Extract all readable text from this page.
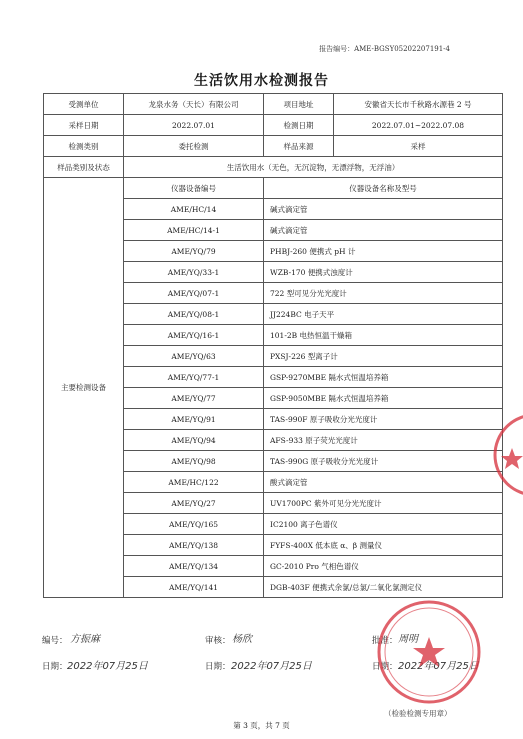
报告编号：AME-BGSY05202207191-4
生活饮用水检测报告
受测单位	龙泉水务（天长）有限公司	项目地址	安徽省天长市千秋路水源巷 2 号
采样日期	2022.07.01	检测日期	2022.07.01~2022.07.08
检测类别	委托检测	样品来源	采样
样品类别及状态	生活饮用水（无色，无沉淀物，无漂浮物，无浮油）		
主要检测设备	仪器设备编号	仪器设备名称及型号	
	AME/HC/14	碱式滴定管	
	AME/HC/14-1	碱式滴定管	
	AME/YQ/79	PHBJ-260 便携式 pH 计	
	AME/YQ/33-1	WZB-170 便携式浊度计	
	AME/YQ/07-1	722 型可见分光光度计	
	AME/YQ/08-1	JJ224BC 电子天平	
	AME/YQ/16-1	101-2B 电热恒温干燥箱	
	AME/YQ/63	PXSJ-226 型离子计	
	AME/YQ/77-1	GSP-9270MBE 隔水式恒温培养箱	
	AME/YQ/77	GSP-9050MBE 隔水式恒温培养箱	
	AME/YQ/91	TAS-990F 原子吸收分光光度计	
	AME/YQ/94	AFS-933 原子荧光光度计	
	AME/YQ/98	TAS-990G 原子吸收分光光度计	
	AME/HC/122	酸式滴定管	
	AME/YQ/27	UV1700PC 紫外可见分光光度计	
	AME/YQ/165	IC2100 离子色谱仪	
	AME/YQ/138	FYFS-400X 低本底 α、β 测量仪	
	AME/YQ/134	GC-2010 Pro 气相色谱仪	
	AME/YQ/141	DGB-403F 便携式余氯/总氯/二氧化氯测定仪	
编号： 方振麻
日期： 2022年07月25日
审核： 杨欣
日期： 2022年07月25日
批准： 周明
日期： 2022年07月25日
（检验检测专用章）
第 3 页，共 7 页
